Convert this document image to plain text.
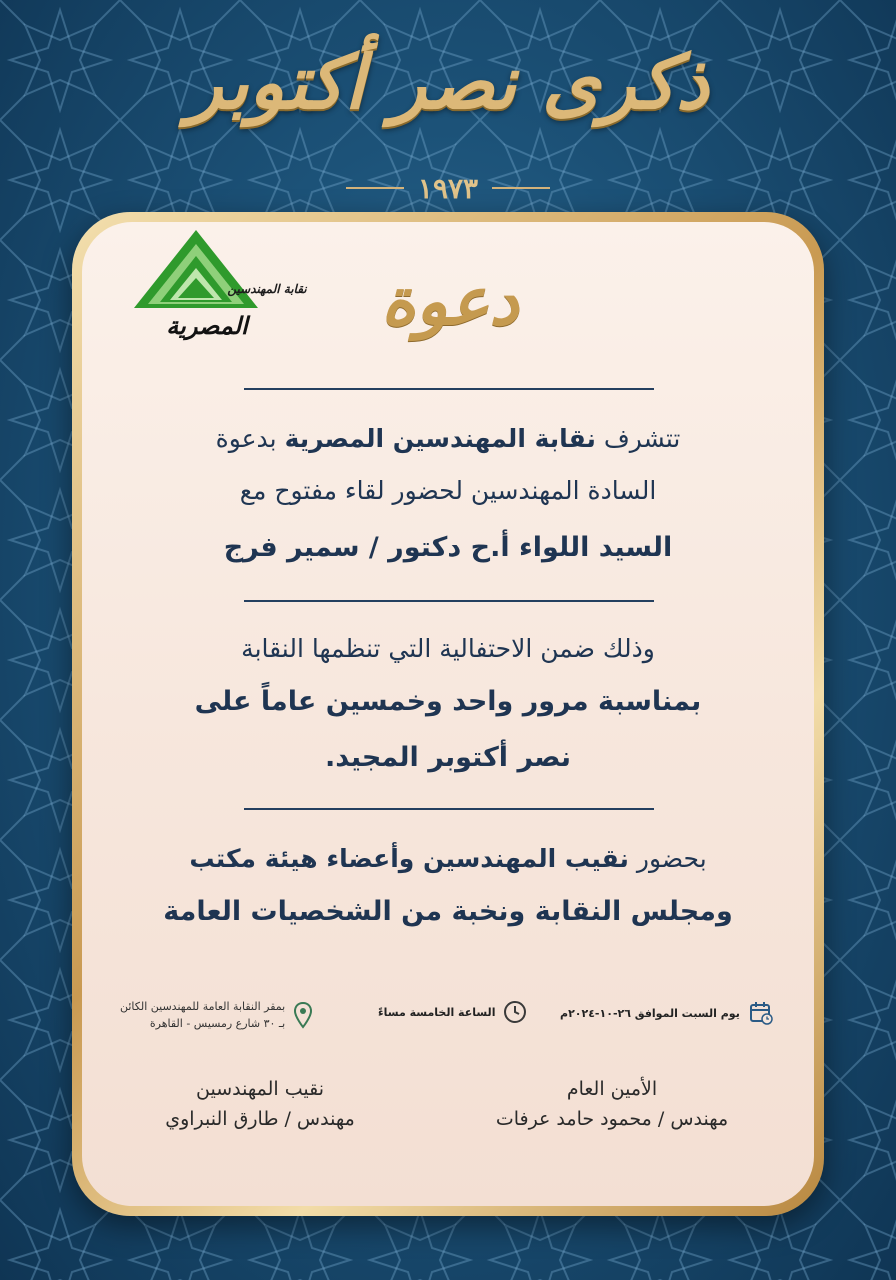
ذكرى نصر أكتوبر
١٩٧٣
نقابة المهندسين
المصرية	دعوة
تتشرف نقابة المهندسين المصرية بدعوة
السادة المهندسين لحضور لقاء مفتوح مع
السيد اللواء أ.ح دكتور / سمير فرج
وذلك ضمن الاحتفالية التي تنظمها النقابة
بمناسبة مرور واحد وخمسين عاماً على
نصر أكتوبر المجيد.
بحضور نقيب المهندسين وأعضاء هيئة مكتب
ومجلس النقابة ونخبة من الشخصيات العامة
يوم السبت الموافق ٢٦-١٠-٢٠٢٤م
الساعة الخامسة مساءً
بمقر النقابة العامة للمهندسين الكائن
بـ ٣٠ شارع رمسيس - القاهرة
الأمين العام
مهندس / محمود حامد عرفات
نقيب المهندسين
مهندس / طارق النبراوي
